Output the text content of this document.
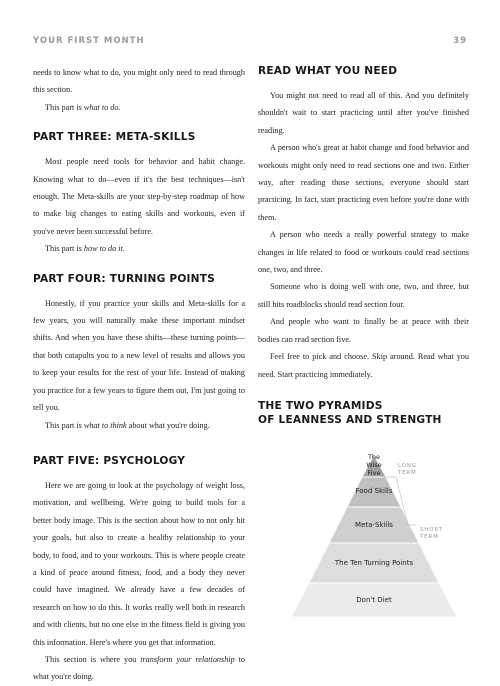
YOUR FIRST MONTH	39

needs to know what to do, you might only need to read through this section.

This part is what to do.

PART THREE: META-SKILLS

Most people need tools for behavior and habit change. Knowing what to do—even if it's the best techniques—isn't enough. The Meta-skills are your step-by-step roadmap of how to make big changes to eating skills and workouts, even if you've never been successful before.

This part is how to do it.

PART FOUR: TURNING POINTS

Honestly, if you practice your skills and Meta-skills for a few years, you will naturally make these important mindset shifts. And when you have these shifts—these turning points—that both catapults you to a new level of results and allows you to keep your results for the rest of your life. Instead of making you practice for a few years to figure them out, I'm just going to tell you.

This part is what to think about what you're doing.

PART FIVE: PSYCHOLOGY

Here we are going to look at the psychology of weight loss, motivation, and wellbeing. We're going to build tools for a better body image. This is the section about how to not only hit your goals, but also to create a healthy relationship to your body, to food, and to your workouts. This is where people create a kind of peace around fitness, food, and a body they never could have imagined. We already have a few decades of research on how to do this. It works really well both in research and with clients, but no one else in the fitness field is giving you this information. Here's where you get that information.

This section is where you transform your relationship to what you're doing.

READ WHAT YOU NEED

You might not need to read all of this. And you definitely shouldn't wait to start practicing until after you've finished reading.

A person who's great at habit change and food behavior and workouts might only need to read sections one and two. Either way, after reading those sections, everyone should start practicing. In fact, start practicing even before you're done with them.

A person who needs a really powerful strategy to make changes in life related to food or workouts could read sections one, two, and three.

Someone who is doing well with one, two, and three, but still hits roadblocks should read section four.

And people who want to finally be at peace with their bodies can read section five.

Feel free to pick and choose. Skip around. Read what you need. Start practicing immediately.

THE TWO PYRAMIDS
OF LEANNESS AND STRENGTH
The
Wise
Five
Food Skills
Meta-Skills
The Ten Turning Points
Don't Diet
LONG
TERM
SHORT
TERM
